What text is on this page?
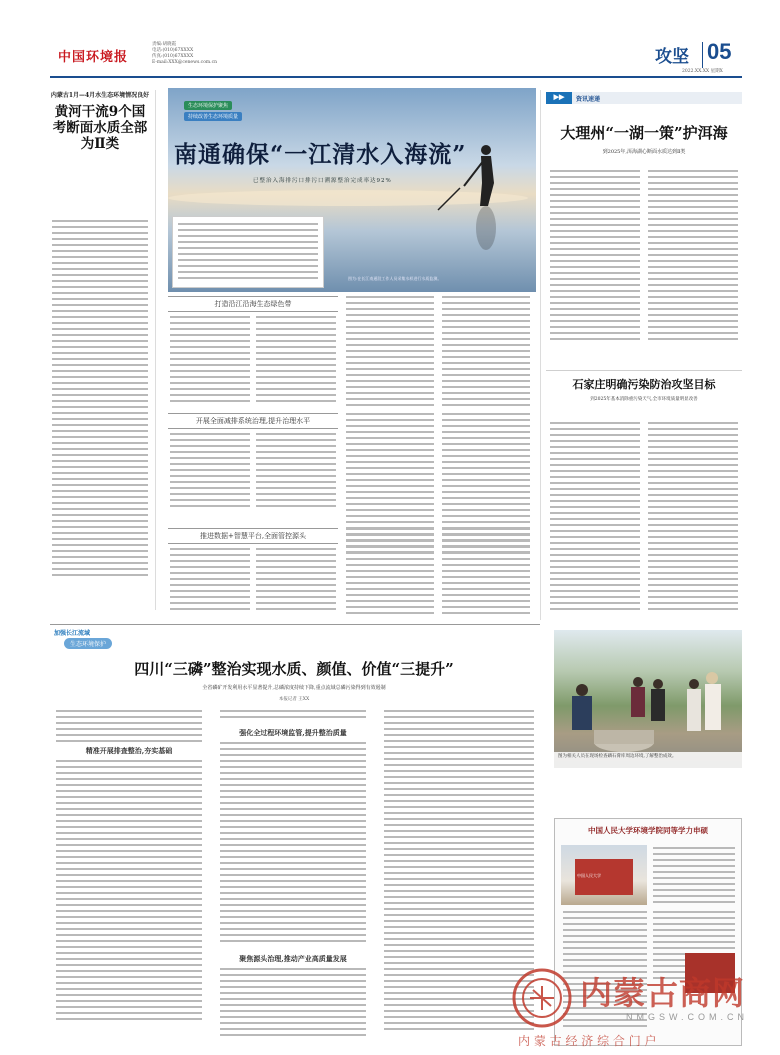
中国环境报
责编:胡晓霞
电话:(010)67XXXX
传真:(010)67XXXX
E-mail:XXX@cenews.com.cn	攻坚 05
2022.XX.XX 星期X
内蒙古1月—4月水生态环境情况良好
黄河干流9个国考断面水质全部为Ⅱ类
生态环境保护聚焦
持续改善生态环境质量
南通确保“一江清水入海流”
已整治入海排污口排污口溯源整治完成率达92%
图为:在长江南通段工作人员采集水样进行水质监测。
打造沿江沿海生态绿色带
开展全面减排系统治理,提升治理水平
推进数据+智慧平台,全面管控源头
▶▶	资讯速递
大理州“一湖一策”护洱海
到2025年,洱海湖心断面水质达到Ⅱ类
石家庄明确污染防治攻坚目标
到2025年基本消除重污染天气,全市环境质量明显改善
加强长江流域
生态环境保护
四川“三磷”整治实现水质、颜值、价值“三提升”
全省磷矿开发利用水平显著提升,总磷浓度持续下降,重点流域总磷污染得到有效遏制
本报记者 王XX
精准开展排查整治,夯实基础
强化全过程环境监管,提升整治质量
聚焦源头治理,推动产业高质量发展
图为相关人员在现场检查磷石膏库周边环境,了解整治成效。
中国人民大学环境学院同等学力申硕
中国人民大学
内蒙古商网
NMGSW.COM.CN
内 蒙 古 经 济 综 合 门 户
